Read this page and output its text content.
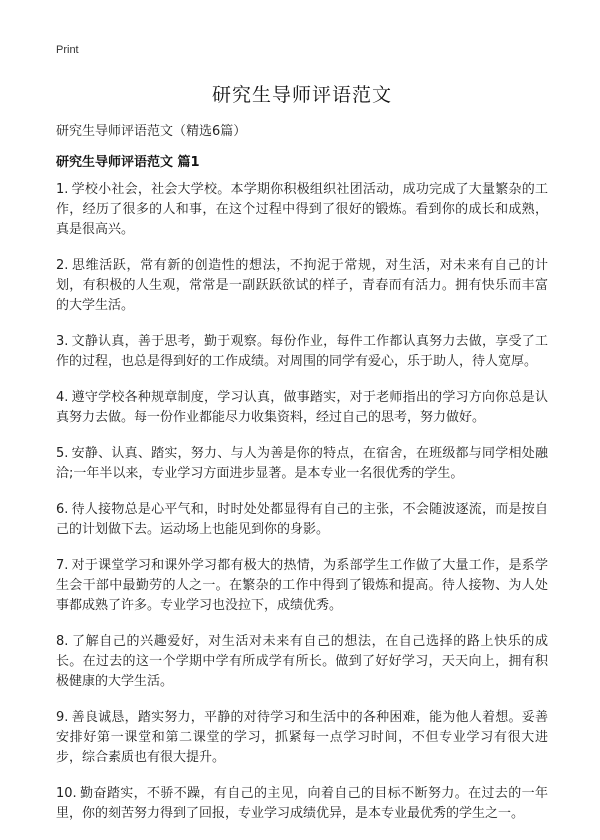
Print
研究生导师评语范文
研究生导师评语范文（精选6篇）
研究生导师评语范文 篇1
1. 学校小社会，社会大学校。本学期你积极组织社团活动，成功完成了大量繁杂的工作，经历了很多的人和事，在这个过程中得到了很好的锻炼。看到你的成长和成熟，真是很高兴。
2. 思维活跃，常有新的创造性的想法，不拘泥于常规，对生活，对未来有自己的计划，有积极的人生观，常常是一副跃跃欲试的样子，青春而有活力。拥有快乐而丰富的大学生活。
3. 文静认真，善于思考，勤于观察。每份作业，每件工作都认真努力去做，享受了工作的过程，也总是得到好的工作成绩。对周围的同学有爱心，乐于助人，待人宽厚。
4. 遵守学校各种规章制度，学习认真，做事踏实，对于老师指出的学习方向你总是认真努力去做。每一份作业都能尽力收集资料，经过自己的思考，努力做好。
5. 安静、认真、踏实，努力、与人为善是你的特点，在宿舍，在班级都与同学相处融洽;一年半以来，专业学习方面进步显著。是本专业一名很优秀的学生。
6. 待人接物总是心平气和，时时处处都显得有自己的主张，不会随波逐流，而是按自己的计划做下去。运动场上也能见到你的身影。
7. 对于课堂学习和课外学习都有极大的热情，为系部学生工作做了大量工作，是系学生会干部中最勤劳的人之一。在繁杂的工作中得到了锻炼和提高。待人接物、为人处事都成熟了许多。专业学习也没拉下，成绩优秀。
8. 了解自己的兴趣爱好，对生活对未来有自己的想法，在自己选择的路上快乐的成长。在过去的这一个学期中学有所成学有所长。做到了好好学习，天天向上，拥有积极健康的大学生活。
9. 善良诚恳，踏实努力，平静的对待学习和生活中的各种困难，能为他人着想。妥善安排好第一课堂和第二课堂的学习，抓紧每一点学习时间，不但专业学习有很大进步，综合素质也有很大提升。
10. 勤奋踏实，不骄不躁，有自己的主见，向着自己的目标不断努力。在过去的一年里，你的刻苦努力得到了回报，专业学习成绩优异，是本专业最优秀的学生之一。
